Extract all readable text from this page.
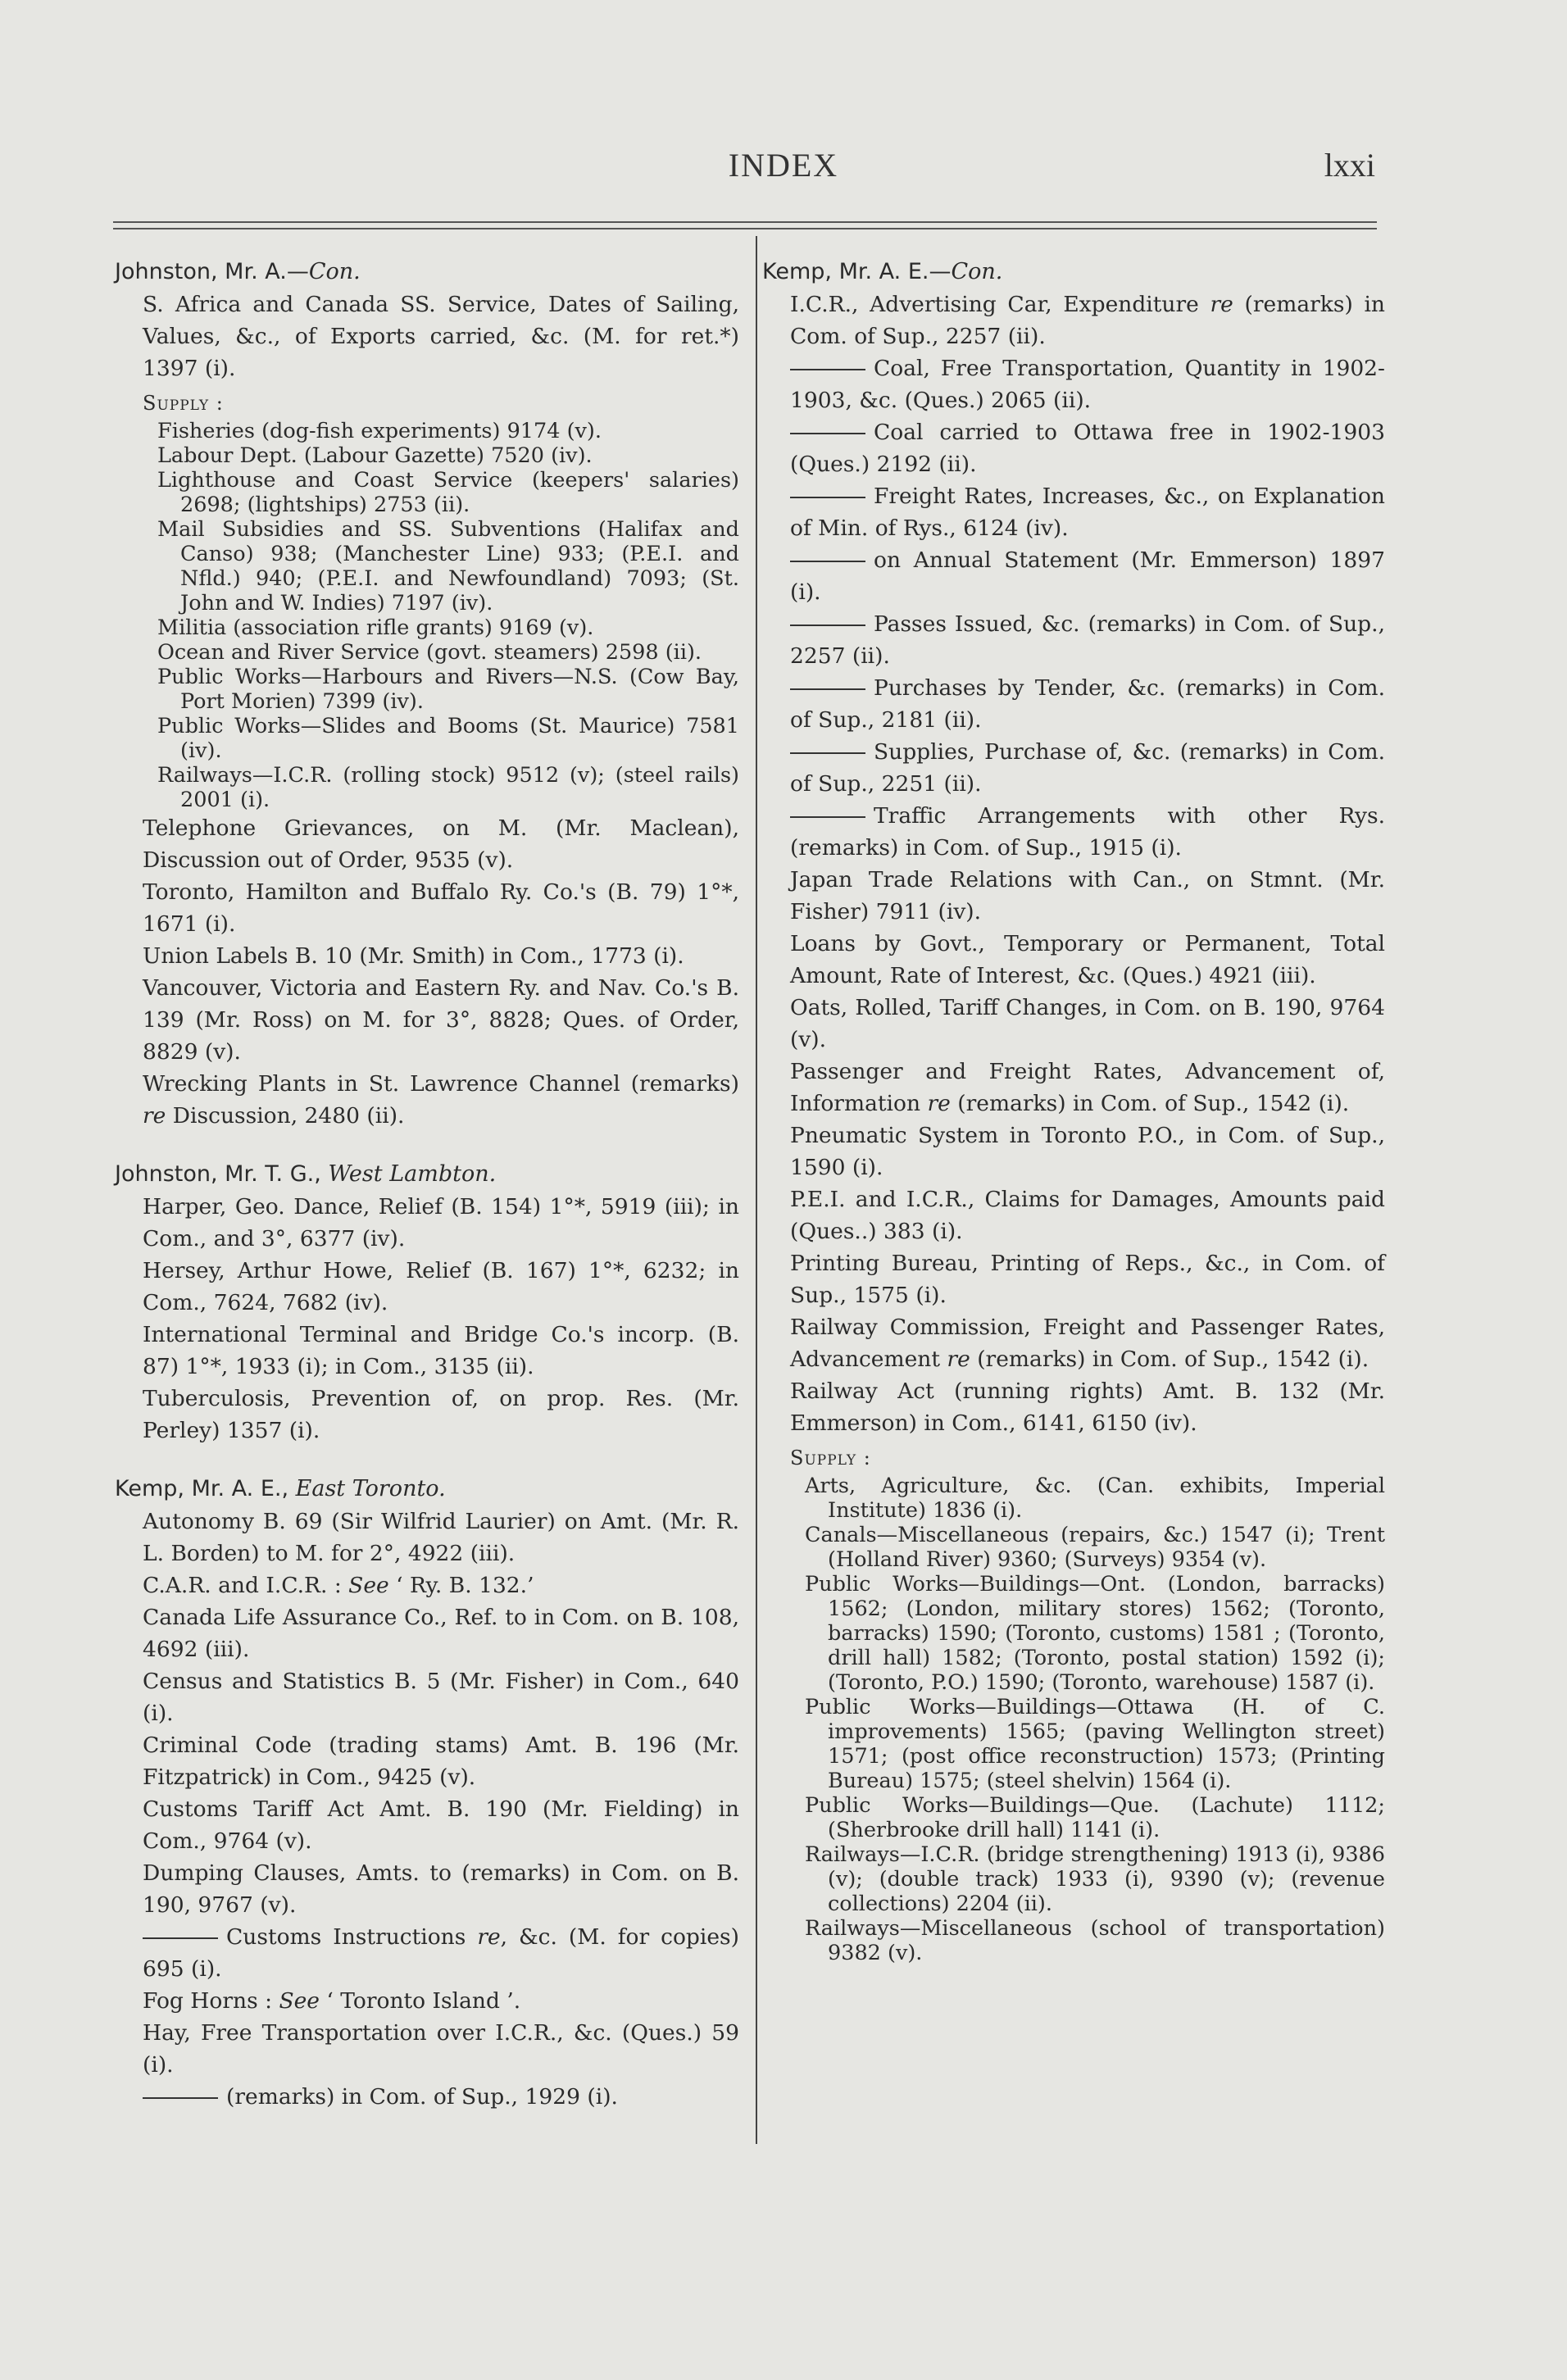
INDEX	lxxi

Johnston, Mr. A.—Con.

S. Africa and Canada SS. Service, Dates of Sailing, Values, &c., of Exports carried, &c. (M. for ret.*) 1397 (i).

Supply :

Fisheries (dog-fish experiments) 9174 (v).

Labour Dept. (Labour Gazette) 7520 (iv).

Lighthouse and Coast Service (keepers' salaries) 2698; (lightships) 2753 (ii).

Mail Subsidies and SS. Subventions (Halifax and Canso) 938; (Manchester Line) 933; (P.E.I. and Nfld.) 940; (P.E.I. and Newfoundland) 7093; (St. John and W. Indies) 7197 (iv).

Militia (association rifle grants) 9169 (v).

Ocean and River Service (govt. steamers) 2598 (ii).

Public Works—Harbours and Rivers—N.S. (Cow Bay, Port Morien) 7399 (iv).

Public Works—Slides and Booms (St. Maurice) 7581 (iv).

Railways—I.C.R. (rolling stock) 9512 (v); (steel rails) 2001 (i).

Telephone Grievances, on M. (Mr. Maclean), Discussion out of Order, 9535 (v).

Toronto, Hamilton and Buffalo Ry. Co.'s (B. 79) 1°*, 1671 (i).

Union Labels B. 10 (Mr. Smith) in Com., 1773 (i).

Vancouver, Victoria and Eastern Ry. and Nav. Co.'s B. 139 (Mr. Ross) on M. for 3°, 8828; Ques. of Order, 8829 (v).

Wrecking Plants in St. Lawrence Channel (remarks) re Discussion, 2480 (ii).

Johnston, Mr. T. G., West Lambton.

Harper, Geo. Dance, Relief (B. 154) 1°*, 5919 (iii); in Com., and 3°, 6377 (iv).

Hersey, Arthur Howe, Relief (B. 167) 1°*, 6232; in Com., 7624, 7682 (iv).

International Terminal and Bridge Co.'s incorp. (B. 87) 1°*, 1933 (i); in Com., 3135 (ii).

Tuberculosis, Prevention of, on prop. Res. (Mr. Perley) 1357 (i).

Kemp, Mr. A. E., East Toronto.

Autonomy B. 69 (Sir Wilfrid Laurier) on Amt. (Mr. R. L. Borden) to M. for 2°, 4922 (iii).

C.A.R. and I.C.R. : See ‘ Ry. B. 132.’

Canada Life Assurance Co., Ref. to in Com. on B. 108, 4692 (iii).

Census and Statistics B. 5 (Mr. Fisher) in Com., 640 (i).

Criminal Code (trading stams) Amt. B. 196 (Mr. Fitzpatrick) in Com., 9425 (v).

Customs Tariff Act Amt. B. 190 (Mr. Fielding) in Com., 9764 (v).

Dumping Clauses, Amts. to (remarks) in Com. on B. 190, 9767 (v).

Customs Instructions re, &c. (M. for copies) 695 (i).

Fog Horns : See ‘ Toronto Island ’.

Hay, Free Transportation over I.C.R., &c. (Ques.) 59 (i).

(remarks) in Com. of Sup., 1929 (i).

Kemp, Mr. A. E.—Con.

I.C.R., Advertising Car, Expenditure re (remarks) in Com. of Sup., 2257 (ii).

Coal, Free Transportation, Quantity in 1902-1903, &c. (Ques.) 2065 (ii).

Coal carried to Ottawa free in 1902-1903 (Ques.) 2192 (ii).

Freight Rates, Increases, &c., on Explanation of Min. of Rys., 6124 (iv).

on Annual Statement (Mr. Emmerson) 1897 (i).

Passes Issued, &c. (remarks) in Com. of Sup., 2257 (ii).

Purchases by Tender, &c. (remarks) in Com. of Sup., 2181 (ii).

Supplies, Purchase of, &c. (remarks) in Com. of Sup., 2251 (ii).

Traffic Arrangements with other Rys. (remarks) in Com. of Sup., 1915 (i).

Japan Trade Relations with Can., on Stmnt. (Mr. Fisher) 7911 (iv).

Loans by Govt., Temporary or Permanent, Total Amount, Rate of Interest, &c. (Ques.) 4921 (iii).

Oats, Rolled, Tariff Changes, in Com. on B. 190, 9764 (v).

Passenger and Freight Rates, Advancement of, Information re (remarks) in Com. of Sup., 1542 (i).

Pneumatic System in Toronto P.O., in Com. of Sup., 1590 (i).

P.E.I. and I.C.R., Claims for Damages, Amounts paid (Ques..) 383 (i).

Printing Bureau, Printing of Reps., &c., in Com. of Sup., 1575 (i).

Railway Commission, Freight and Passenger Rates, Advancement re (remarks) in Com. of Sup., 1542 (i).

Railway Act (running rights) Amt. B. 132 (Mr. Emmerson) in Com., 6141, 6150 (iv).

Supply :

Arts, Agriculture, &c. (Can. exhibits, Imperial Institute) 1836 (i).

Canals—Miscellaneous (repairs, &c.) 1547 (i); Trent (Holland River) 9360; (Surveys) 9354 (v).

Public Works—Buildings—Ont. (London, barracks) 1562; (London, military stores) 1562; (Toronto, barracks) 1590; (Toronto, customs) 1581 ; (Toronto, drill hall) 1582; (Toronto, postal station) 1592 (i); (Toronto, P.O.) 1590; (Toronto, warehouse) 1587 (i).

Public Works—Buildings—Ottawa (H. of C. improvements) 1565; (paving Wellington street) 1571; (post office reconstruction) 1573; (Printing Bureau) 1575; (steel shelvin) 1564 (i).

Public Works—Buildings—Que. (Lachute) 1112; (Sherbrooke drill hall) 1141 (i).

Railways—I.C.R. (bridge strengthening) 1913 (i), 9386 (v); (double track) 1933 (i), 9390 (v); (revenue collections) 2204 (ii).

Railways—Miscellaneous (school of transportation) 9382 (v).
